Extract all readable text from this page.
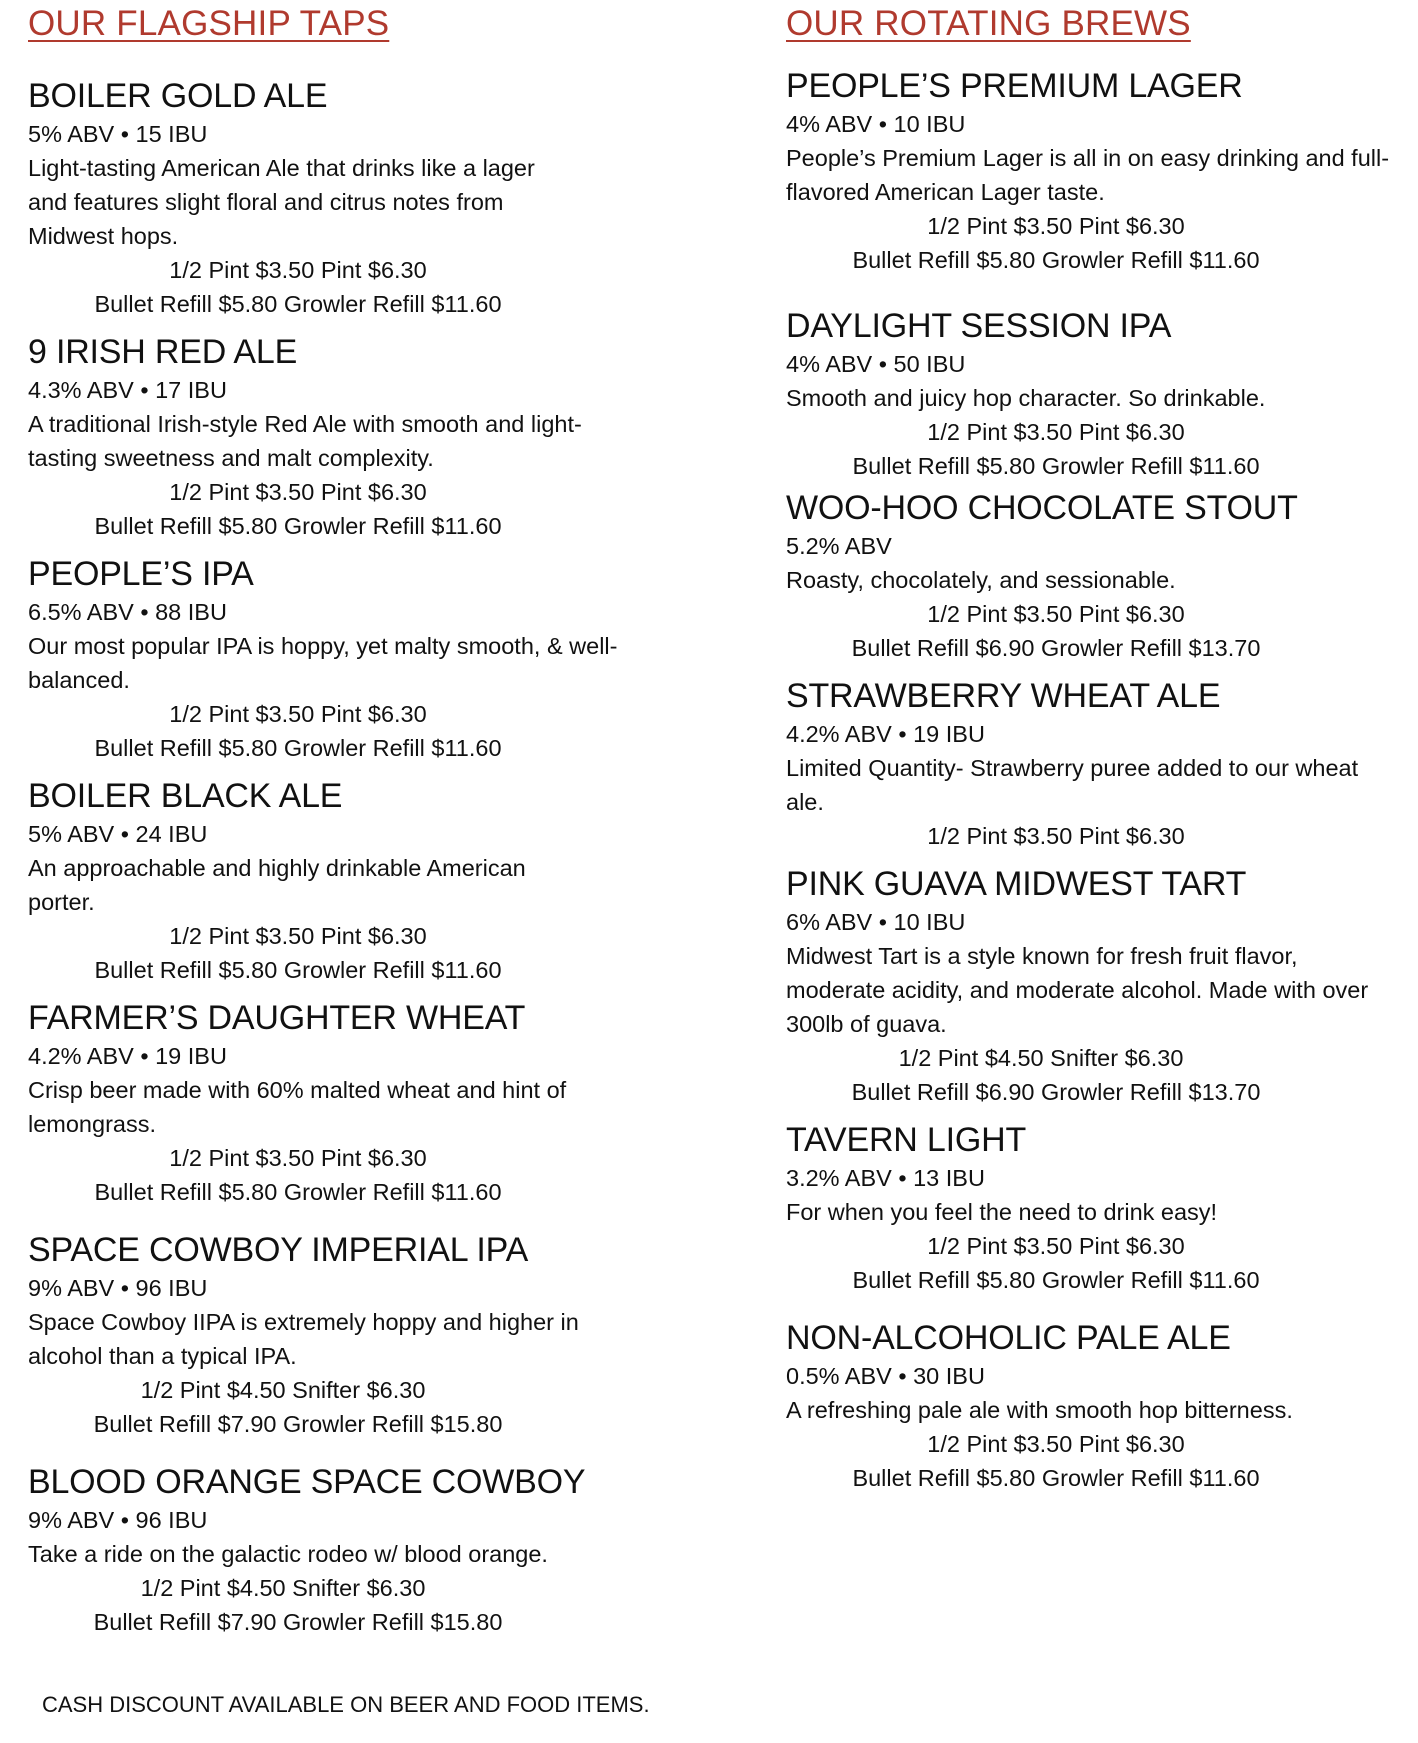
OUR FLAGSHIP TAPS
BOILER GOLD ALE
5% ABV • 15 IBU
Light-tasting American Ale that drinks like a lager and features slight floral and citrus notes from Midwest hops.
1/2 Pint $3.50 Pint $6.30
Bullet Refill $5.80 Growler Refill $11.60
9 IRISH RED ALE
4.3% ABV • 17 IBU
A traditional Irish-style Red Ale with smooth and light-tasting sweetness and malt complexity.
1/2 Pint $3.50 Pint $6.30
Bullet Refill $5.80 Growler Refill $11.60
PEOPLE’S IPA
6.5% ABV • 88 IBU
Our most popular IPA is hoppy, yet malty smooth, & well-balanced.
1/2 Pint $3.50 Pint $6.30
Bullet Refill $5.80 Growler Refill $11.60
BOILER BLACK ALE
5% ABV • 24 IBU
An approachable and highly drinkable American porter.
1/2 Pint $3.50 Pint $6.30
Bullet Refill $5.80 Growler Refill $11.60
FARMER’S DAUGHTER WHEAT
4.2% ABV • 19 IBU
Crisp beer made with 60% malted wheat and hint of lemongrass.
1/2 Pint $3.50 Pint $6.30
Bullet Refill $5.80 Growler Refill $11.60
SPACE COWBOY IMPERIAL IPA
9% ABV • 96 IBU
Space Cowboy IIPA is extremely hoppy and higher in alcohol than a typical IPA.
1/2 Pint $4.50 Snifter $6.30
Bullet Refill $7.90 Growler Refill $15.80
BLOOD ORANGE SPACE COWBOY
9% ABV • 96 IBU
Take a ride on the galactic rodeo w/ blood orange.
1/2 Pint $4.50 Snifter $6.30
Bullet Refill $7.90 Growler Refill $15.80
OUR ROTATING BREWS
PEOPLE’S PREMIUM LAGER
4% ABV • 10 IBU
People’s Premium Lager is all in on easy drinking and full-flavored American Lager taste.
1/2 Pint $3.50 Pint $6.30
Bullet Refill $5.80 Growler Refill $11.60
DAYLIGHT SESSION IPA
4% ABV • 50 IBU
Smooth and juicy hop character. So drinkable.
1/2 Pint $3.50 Pint $6.30
Bullet Refill $5.80 Growler Refill $11.60
WOO-HOO CHOCOLATE STOUT
5.2% ABV
Roasty, chocolately, and sessionable.
1/2 Pint $3.50 Pint $6.30
Bullet Refill $6.90 Growler Refill $13.70
STRAWBERRY WHEAT ALE
4.2% ABV • 19 IBU
Limited Quantity- Strawberry puree added to our wheat ale.
1/2 Pint $3.50 Pint $6.30
PINK GUAVA MIDWEST TART
6% ABV • 10 IBU
Midwest Tart is a style known for fresh fruit flavor, moderate acidity, and moderate alcohol. Made with over 300lb of guava.
1/2 Pint $4.50 Snifter $6.30
Bullet Refill $6.90 Growler Refill $13.70
TAVERN LIGHT
3.2% ABV • 13 IBU
For when you feel the need to drink easy!
1/2 Pint $3.50 Pint $6.30
Bullet Refill $5.80 Growler Refill $11.60
NON-ALCOHOLIC PALE ALE
0.5% ABV • 30 IBU
A refreshing pale ale with smooth hop bitterness.
1/2 Pint $3.50 Pint $6.30
Bullet Refill $5.80 Growler Refill $11.60
CASH DISCOUNT AVAILABLE ON BEER AND FOOD ITEMS.
